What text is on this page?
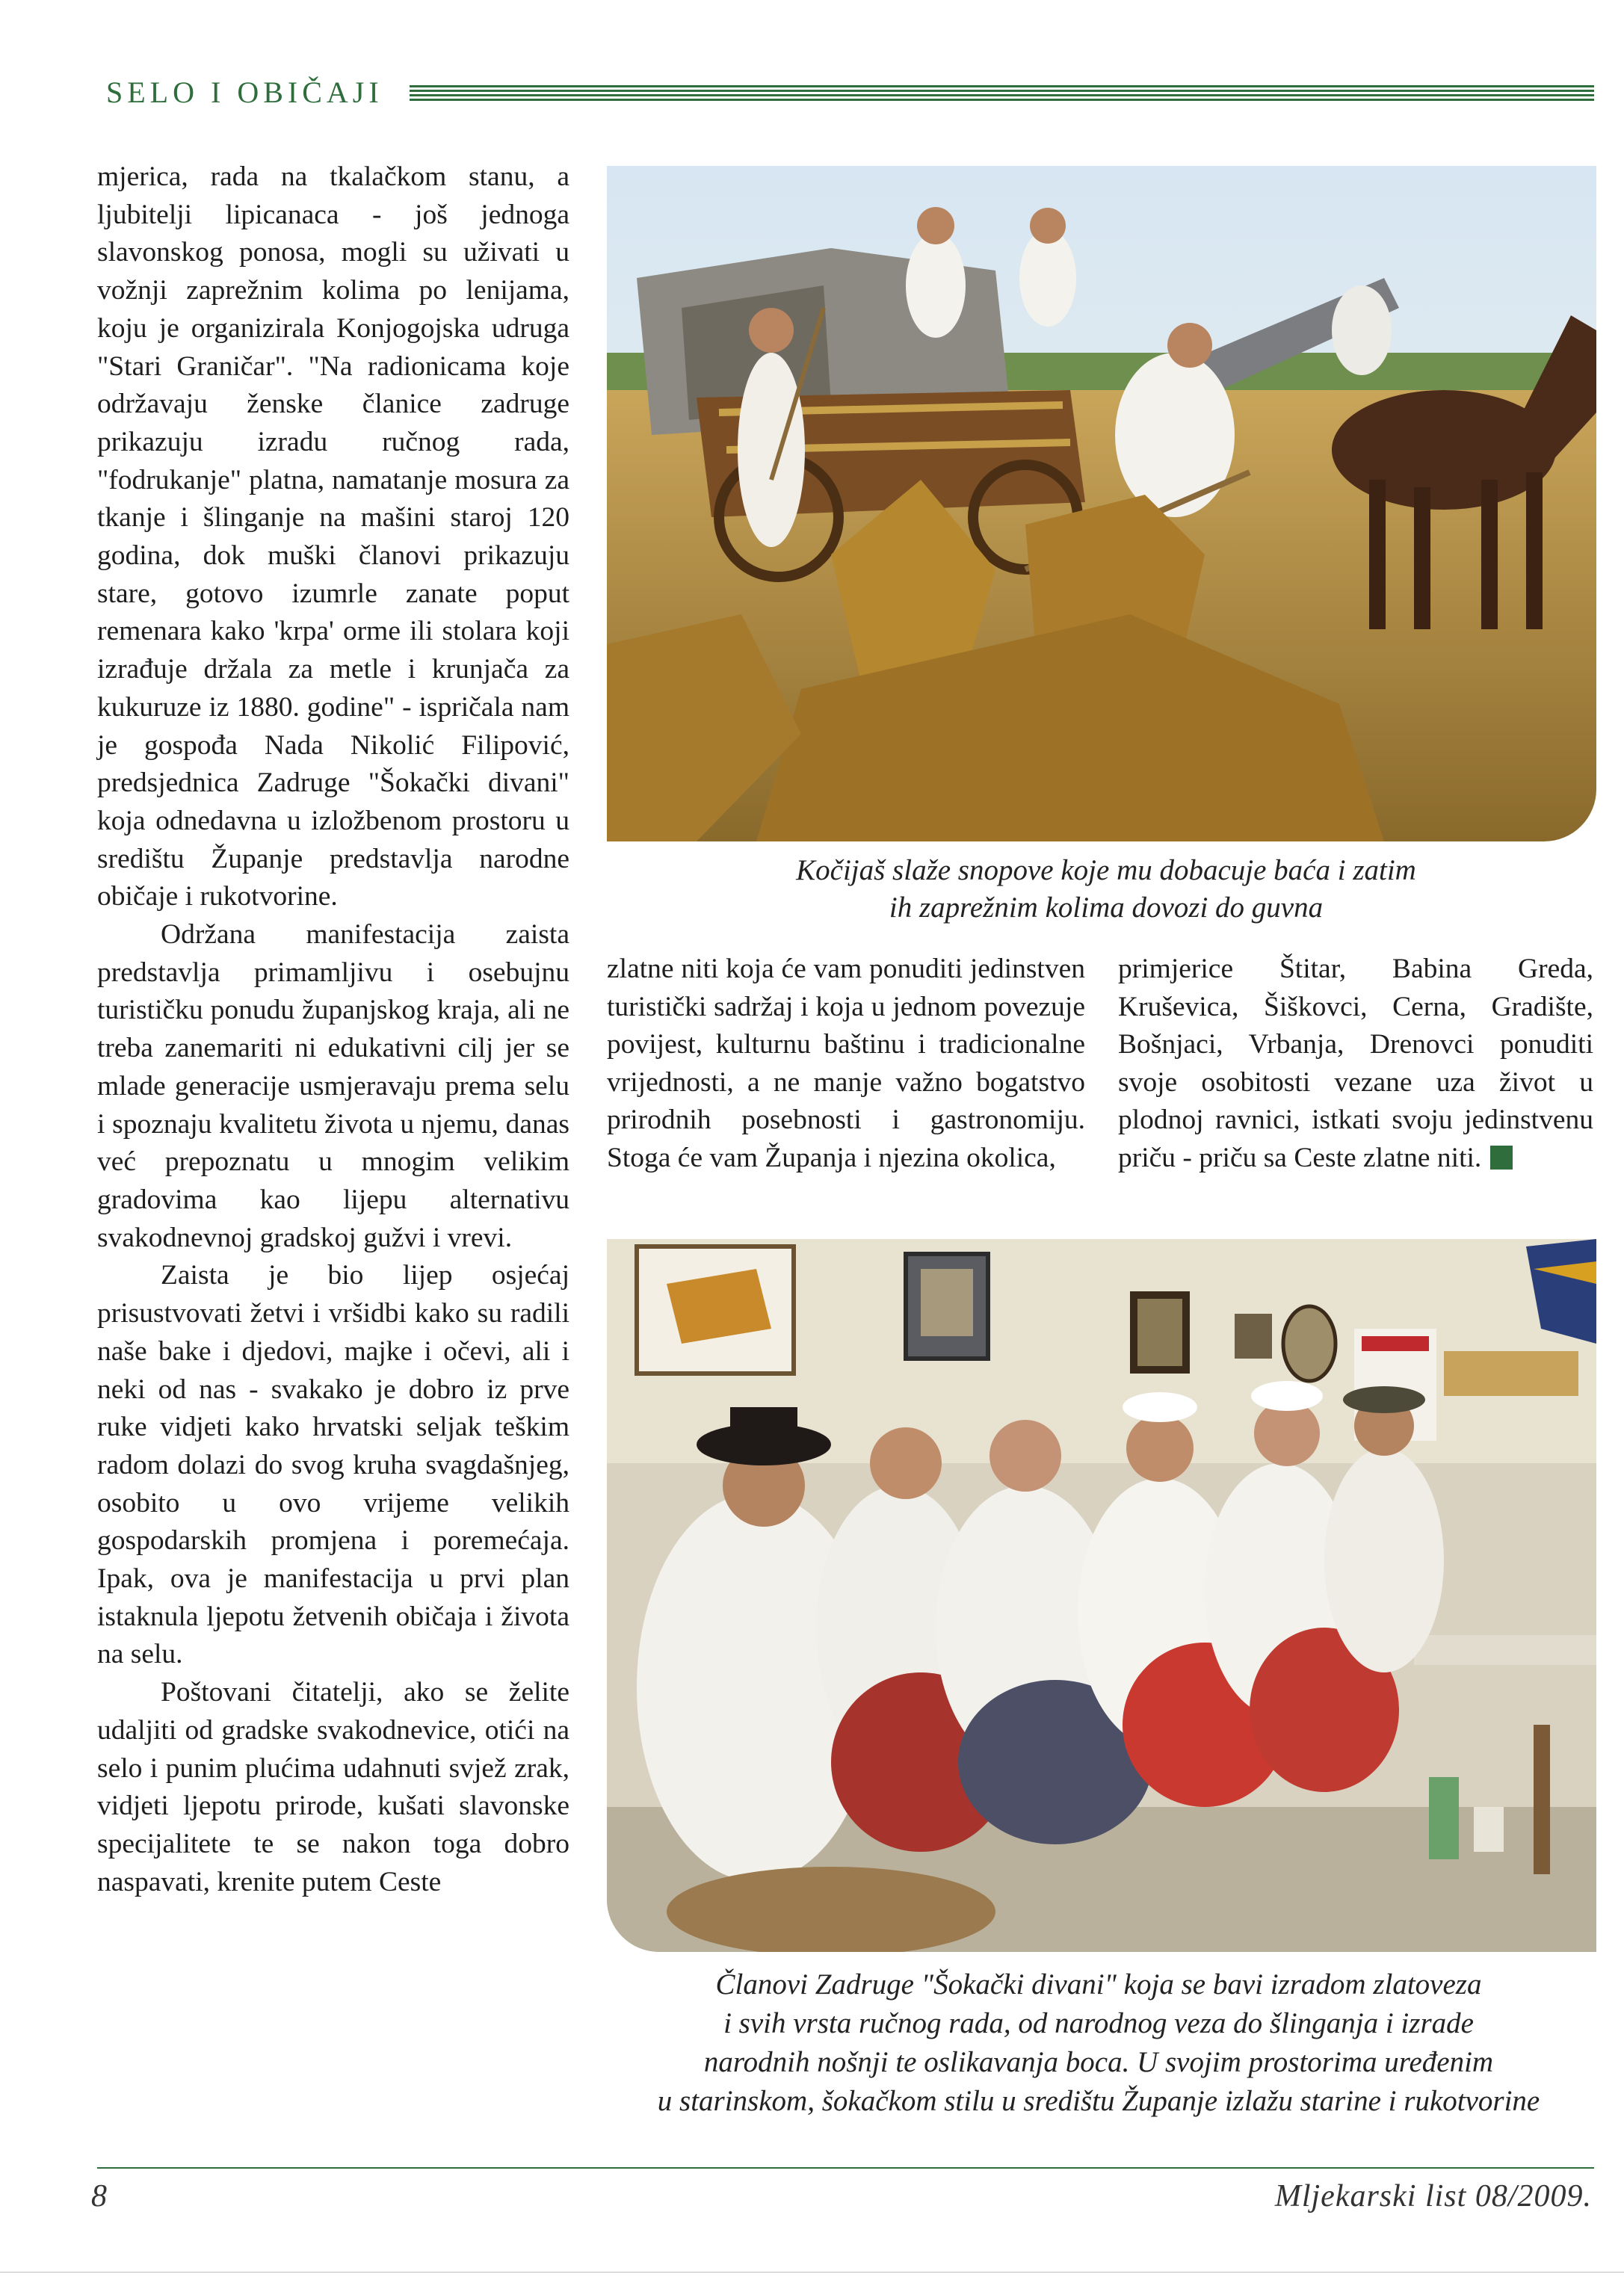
SELO I OBIČAJI

mjerica, rada na tkalačkom stanu, a ljubitelji lipicanaca - još jednoga slavonskog ponosa, mogli su uživati u vožnji zaprežnim kolima po lenijama, koju je organizirala Konjogojska udruga "Stari Graničar". "Na radionicama koje održavaju ženske članice zadruge prikazuju izradu ručnog rada, "fodrukanje" platna, namatanje mosura za tkanje i šlinganje na mašini staroj 120 godina, dok muški članovi prikazuju stare, gotovo izumrle zanate poput remenara kako 'krpa' orme ili stolara koji izrađuje držala za metle i krunjača za kukuruze iz 1880. godine" - ispričala nam je gospođa Nada Nikolić Filipović, predsjednica Zadruge "Šokački divani" koja odnedavna u izložbenom prostoru u središtu Županje predstavlja narodne običaje i rukotvorine.

Održana manifestacija zaista predstavlja primamljivu i osebujnu turističku ponudu županjskog kraja, ali ne treba zanemariti ni edukativni cilj jer se mlade generacije usmjeravaju prema selu i spoznaju kvalitetu života u njemu, danas već prepoznatu u mnogim velikim gradovima kao lijepu alternativu svakodnevnoj gradskoj gužvi i vrevi.

Zaista je bio lijep osjećaj prisustvovati žetvi i vršidbi kako su radili naše bake i djedovi, majke i očevi, ali i neki od nas - svakako je dobro iz prve ruke vidjeti kako hrvatski seljak teškim radom dolazi do svog kruha svagdašnjeg, osobito u ovo vrijeme velikih gospodarskih promjena i poremećaja. Ipak, ova je manifestacija u prvi plan istaknula ljepotu žetvenih običaja i života na selu.

Poštovani čitatelji, ako se želite udaljiti od gradske svakodnevice, otići na selo i punim plućima udahnuti svjež zrak, vidjeti ljepotu prirode, kušati slavonske specijalitete te se nakon toga dobro naspavati, krenite putem Ceste

Kočijaš slaže snopove koje mu dobacuje baća i zatim
ih zaprežnim kolima dovozi do guvna

zlatne niti koja će vam ponuditi jedinstven turistički sadržaj i koja u jednom povezuje povijest, kulturnu baštinu i tradicionalne vrijednosti, a ne manje važno bogatstvo prirodnih posebnosti i gastronomiju. Stoga će vam Županja i njezina okolica,

primjerice Štitar, Babina Greda, Kruševica, Šiškovci, Cerna, Gradište, Bošnjaci, Vrbanja, Drenovci ponuditi svoje osobitosti vezane uza život u plodnoj ravnici, istkati svoju jedinstvenu priču - priču sa Ceste zlatne niti.

Članovi Zadruge "Šokački divani" koja se bavi izradom zlatoveza
i svih vrsta ručnog rada, od narodnog veza do šlinganja i izrade
narodnih nošnji te oslikavanja boca. U svojim prostorima uređenim
u starinskom, šokačkom stilu u središtu Županje izlažu starine i rukotvorine
8	Mljekarski list 08/2009.
